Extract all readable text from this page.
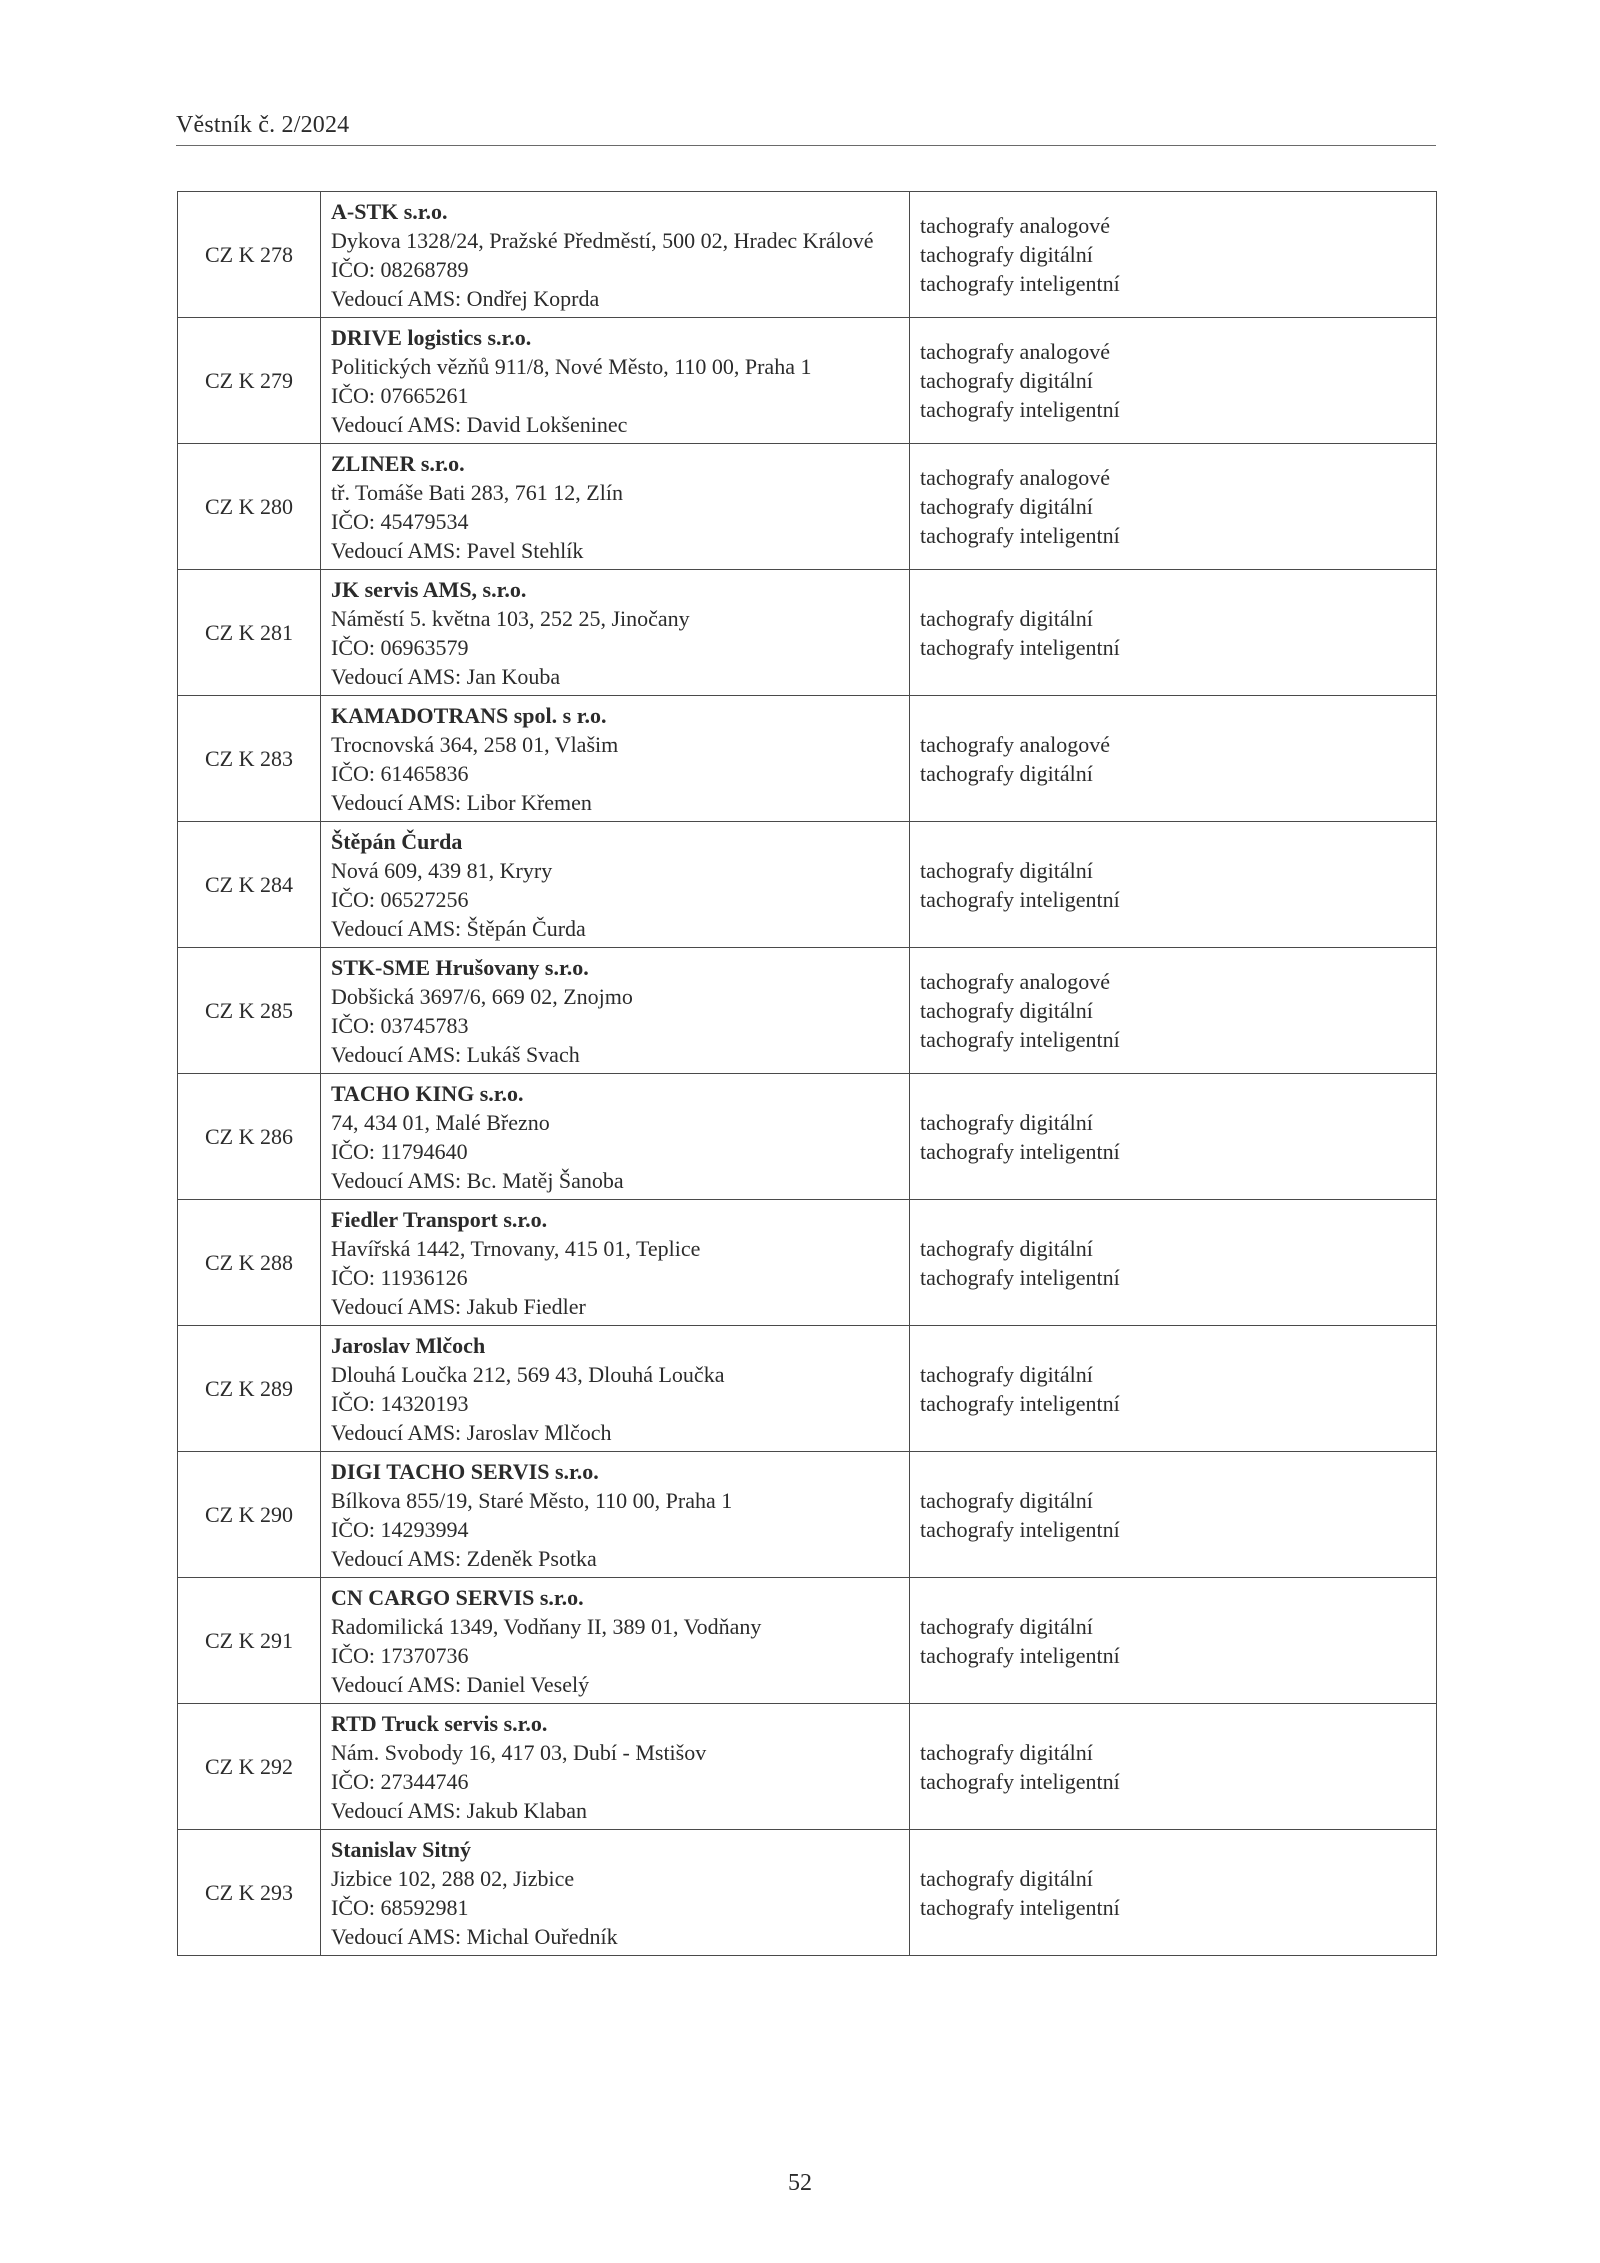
Věstník č. 2/2024
CZ K 278	A-STK s.r.o.
Dykova 1328/24, Pražské Předměstí, 500 02, Hradec Králové
IČO: 08268789
Vedoucí AMS: Ondřej Koprda	tachografy analogové
tachografy digitální
tachografy inteligentní

CZ K 279	DRIVE logistics s.r.o.
Politických vězňů 911/8, Nové Město, 110 00, Praha 1
IČO: 07665261
Vedoucí AMS: David Lokšeninec	tachografy analogové
tachografy digitální
tachografy inteligentní

CZ K 280	ZLINER s.r.o.
tř. Tomáše Bati 283, 761 12, Zlín
IČO: 45479534
Vedoucí AMS: Pavel Stehlík	tachografy analogové
tachografy digitální
tachografy inteligentní

CZ K 281	JK servis AMS, s.r.o.
Náměstí 5. května 103, 252 25, Jinočany
IČO: 06963579
Vedoucí AMS: Jan Kouba	tachografy digitální
tachografy inteligentní

CZ K 283	KAMADOTRANS spol. s r.o.
Trocnovská 364, 258 01, Vlašim
IČO: 61465836
Vedoucí AMS: Libor Křemen	tachografy analogové
tachografy digitální

CZ K 284	Štěpán Čurda
Nová 609, 439 81, Kryry
IČO: 06527256
Vedoucí AMS: Štěpán Čurda	tachografy digitální
tachografy inteligentní

CZ K 285	STK-SME Hrušovany s.r.o.
Dobšická 3697/6, 669 02, Znojmo
IČO: 03745783
Vedoucí AMS: Lukáš Svach	tachografy analogové
tachografy digitální
tachografy inteligentní

CZ K 286	TACHO KING s.r.o.
74, 434 01, Malé Březno
IČO: 11794640
Vedoucí AMS: Bc. Matěj Šanoba	tachografy digitální
tachografy inteligentní

CZ K 288	Fiedler Transport s.r.o.
Havířská 1442, Trnovany, 415 01, Teplice
IČO: 11936126
Vedoucí AMS: Jakub Fiedler	tachografy digitální
tachografy inteligentní

CZ K 289	Jaroslav Mlčoch
Dlouhá Loučka 212, 569 43, Dlouhá Loučka
IČO: 14320193
Vedoucí AMS: Jaroslav Mlčoch	tachografy digitální
tachografy inteligentní

CZ K 290	DIGI TACHO SERVIS s.r.o.
Bílkova 855/19, Staré Město, 110 00, Praha 1
IČO: 14293994
Vedoucí AMS: Zdeněk Psotka	tachografy digitální
tachografy inteligentní

CZ K 291	CN CARGO SERVIS s.r.o.
Radomilická 1349, Vodňany II, 389 01, Vodňany
IČO: 17370736
Vedoucí AMS: Daniel Veselý	tachografy digitální
tachografy inteligentní

CZ K 292	RTD Truck servis s.r.o.
Nám. Svobody 16, 417 03, Dubí - Mstišov
IČO: 27344746
Vedoucí AMS: Jakub Klaban	tachografy digitální
tachografy inteligentní

CZ K 293	Stanislav Sitný
Jizbice 102, 288 02, Jizbice
IČO: 68592981
Vedoucí AMS: Michal Ouředník	tachografy digitální
tachografy inteligentní
52
